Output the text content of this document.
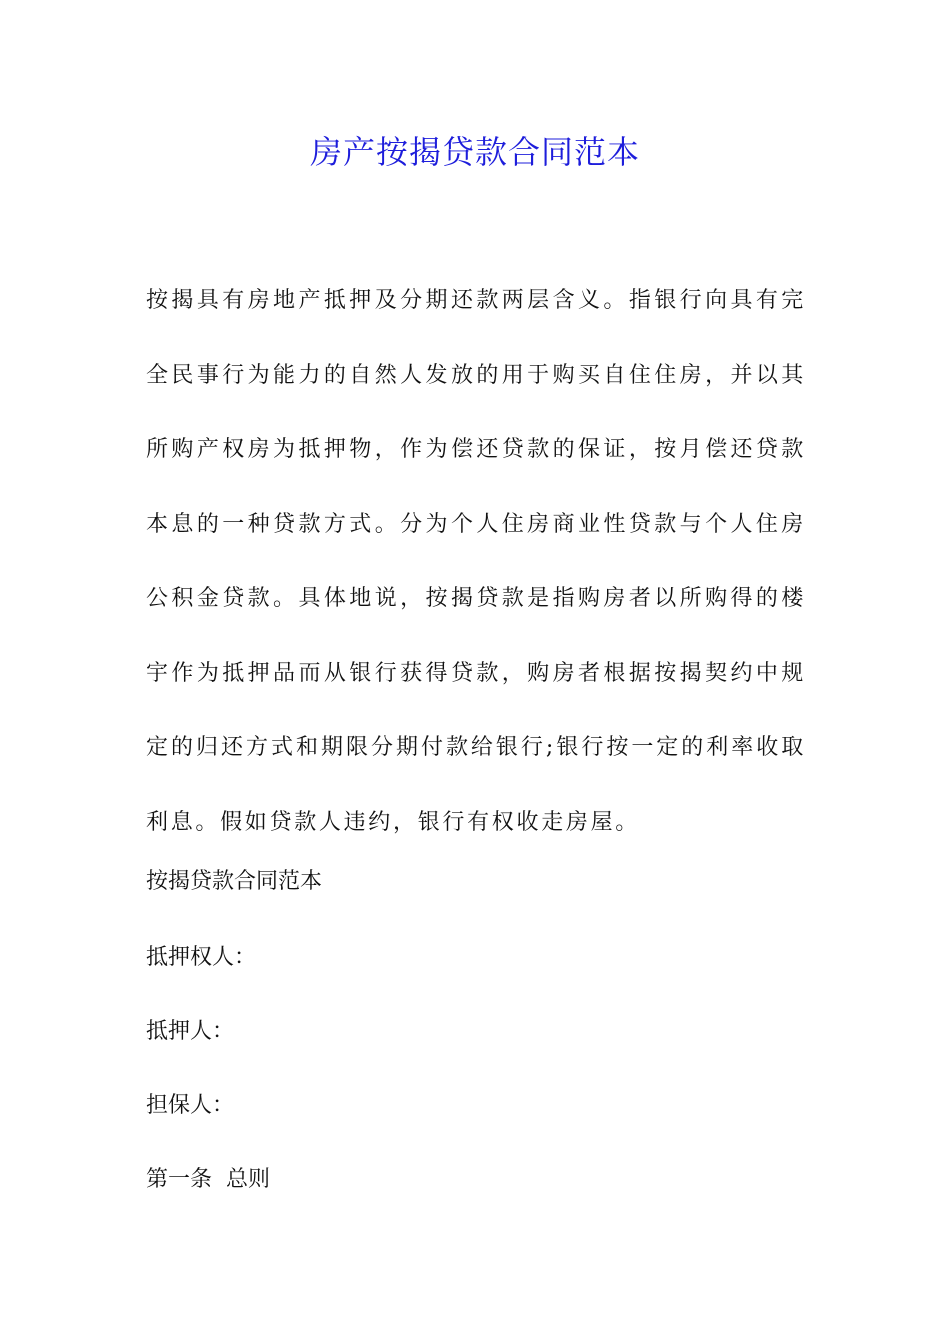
房产按揭贷款合同范本

按揭具有房地产抵押及分期还款两层含义。指银行向具有完全民事行为能力的自然人发放的用于购买自住住房，并以其所购产权房为抵押物，作为偿还贷款的保证，按月偿还贷款本息的一种贷款方式。分为个人住房商业性贷款与个人住房公积金贷款。具体地说，按揭贷款是指购房者以所购得的楼宇作为抵押品而从银行获得贷款，购房者根据按揭契约中规定的归还方式和期限分期付款给银行;银行按一定的利率收取利息。假如贷款人违约，银行有权收走房屋。

按揭贷款合同范本

抵押权人：

抵押人：

担保人：

第一条  总则
